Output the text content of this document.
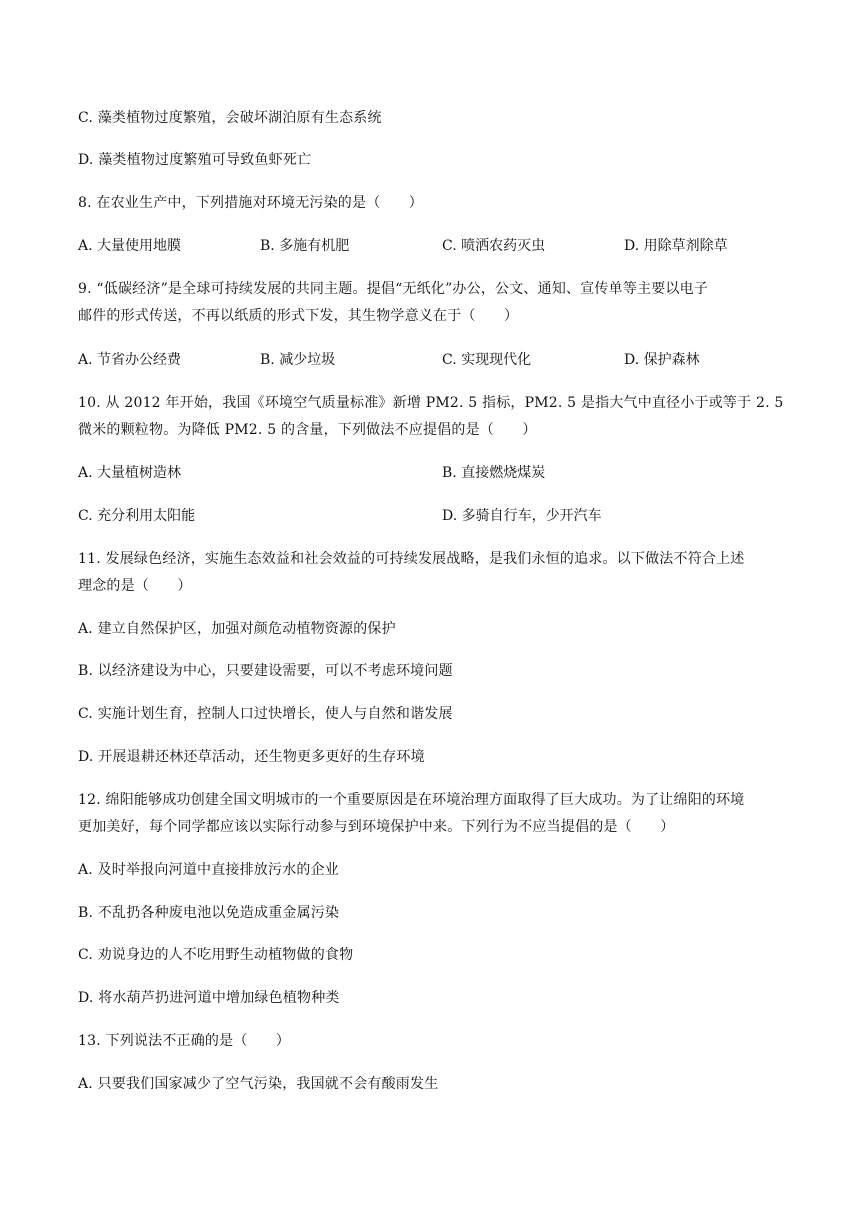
C. 藻类植物过度繁殖，会破坏湖泊原有生态系统
D. 藻类植物过度繁殖可导致鱼虾死亡
8. 在农业生产中，下列措施对环境无污染的是（　　）
A. 大量使用地膜	B. 多施有机肥	C. 喷洒农药灭虫	D. 用除草剂除草
9. “低碳经济”是全球可持续发展的共同主题。提倡“无纸化”办公，公文、通知、宣传单等主要以电子
邮件的形式传送，不再以纸质的形式下发，其生物学意义在于（　　）
A. 节省办公经费	B. 减少垃圾	C. 实现现代化	D. 保护森林
10. 从 2012 年开始，我国《环境空气质量标准》新增 PM2. 5 指标，PM2. 5 是指大气中直径小于或等于 2. 5
微米的颗粒物。为降低 PM2. 5 的含量，下列做法不应提倡的是（　　）
A. 大量植树造林	B. 直接燃烧煤炭
C. 充分利用太阳能	D. 多骑自行车，少开汽车
11. 发展绿色经济，实施生态效益和社会效益的可持续发展战略，是我们永恒的追求。以下做法不符合上述
理念的是（　　）
A. 建立自然保护区，加强对颜危动植物资源的保护
B. 以经济建设为中心，只要建设需要，可以不考虑环境问题
C. 实施计划生育，控制人口过快增长，使人与自然和谐发展
D. 开展退耕还林还草活动，还生物更多更好的生存环境
12. 绵阳能够成功创建全国文明城市的一个重要原因是在环境治理方面取得了巨大成功。为了让绵阳的环境
更加美好，每个同学都应该以实际行动参与到环境保护中来。下列行为不应当提倡的是（　　）
A. 及时举报向河道中直接排放污水的企业
B. 不乱扔各种废电池以免造成重金属污染
C. 劝说身边的人不吃用野生动植物做的食物
D. 将水葫芦扔进河道中增加绿色植物种类
13. 下列说法不正确的是（　　）
A. 只要我们国家减少了空气污染，我国就不会有酸雨发生
